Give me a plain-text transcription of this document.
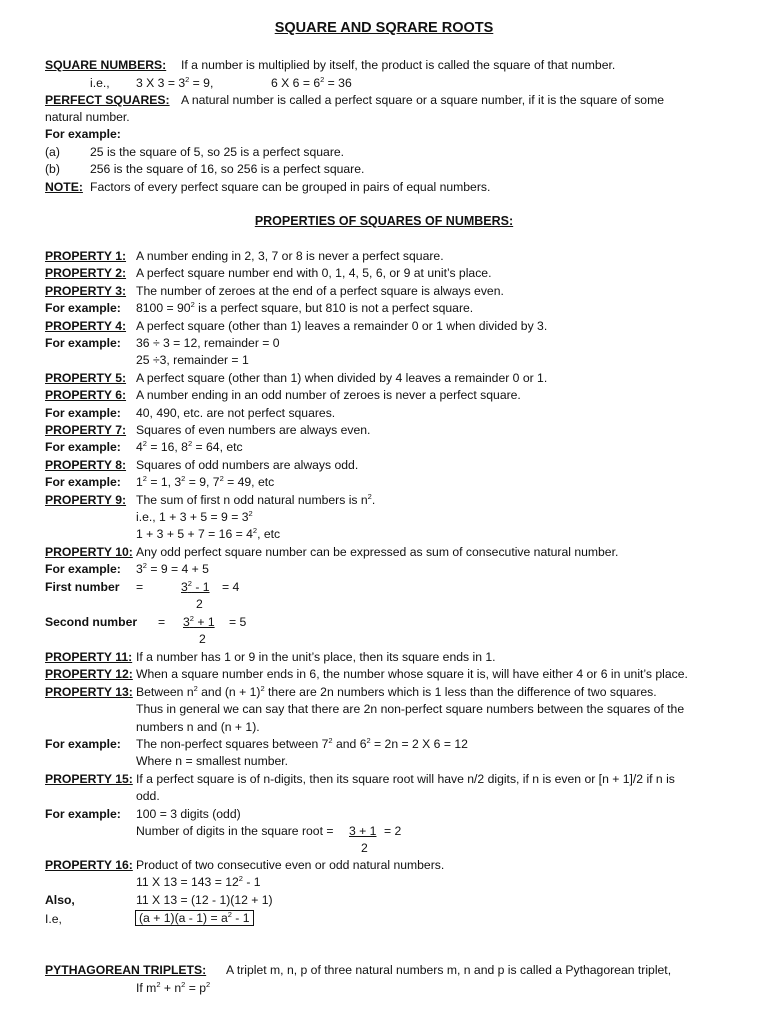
SQUARE AND SQRARE ROOTS
SQUARE NUMBERS: If a number is multiplied by itself, the product is called the square of that number.
i.e., 3 X $3 = 3^2 = 9$,	6 X $6 = 6^2 = 36$
PERFECT SQUARES: A natural number is called a perfect square or a square number, if it is the square of some
natural number.
For example:
(a) 25 is the square of 5, so 25 is a perfect square.
(b) 256 is the square of 16, so 256 is a perfect square.
NOTE: Factors of every perfect square can be grouped in pairs of equal numbers.
PROPERTIES OF SQUARES OF NUMBERS:
PROPERTY 1: A number ending in 2, 3, 7 or 8 is never a perfect square.
PROPERTY 2: A perfect square number end with 0, 1, 4, 5, 6, or 9 at unit’s place.
PROPERTY 3: The number of zeroes at the end of a perfect square is always even.
For example: $8100 = 90^2$ is a perfect square, but 810 is not a perfect square.
PROPERTY 4: A perfect square (other than 1) leaves a remainder 0 or 1 when divided by 3.
For example: 36 ÷ 3 = 12, remainder = 0
25 ÷3, remainder = 1
PROPERTY 5: A perfect square (other than 1) when divided by 4 leaves a remainder 0 or 1.
PROPERTY 6: A number ending in an odd number of zeroes is never a perfect square.
For example: 40, 490, etc. are not perfect squares.
PROPERTY 7: Squares of even numbers are always even.
For example: $4^2 = 16$, $8^2 = 64$, etc
PROPERTY 8: Squares of odd numbers are always odd.
For example: $1^2 = 1$, $3^2 = 9$, $7^2 = 49$, etc
PROPERTY 9: The sum of first n odd natural numbers is $n^2$.
i.e., $1 + 3 + 5 = 9 = 3^2$
$1 + 3 + 5 + 7 = 16 = 4^2$, etc
PROPERTY 10: Any odd perfect square number can be expressed as sum of consecutive natural number.
For example: $3^2 = 9 = 4 + 5$
First number =	$3^2 - 1 = 4$
2
Second number = $3^2 + 1 = 5$
2
PROPERTY 11: If a number has 1 or 9 in the unit’s place, then its square ends in 1.
PROPERTY 12: When a square number ends in 6, the number whose square it is, will have either 4 or 6 in unit’s place.
PROPERTY 13: Between $n^2$ and $(n + 1)^2$ there are 2n numbers which is 1 less than the difference of two squares.
Thus in general we can say that there are 2n non-perfect square numbers between the squares of the
numbers n and (n + 1).
For example: The non-perfect squares between $7^2$ and $6^2 = 2n = 2$ X 6 = 12
Where n = smallest number.
PROPERTY 15: If a perfect square is of n-digits, then its square root will have n/2 digits, if n is even or [n + 1]/2 if n is
odd.
For example: 100 = 3 digits (odd)
Number of digits in the square root = 3 + 1 = 2
2
PROPERTY 16: Product of two consecutive even or odd natural numbers.
11 X $13 = 143 = 12^2 - 1$
Also,	11 X 13 = (12 - 1)(12 + 1)
I.e,	$(a + 1)(a - 1) = a^2 - 1$
PYTHAGOREAN TRIPLETS: A triplet m, n, p of three natural numbers m, n and p is called a Pythagorean triplet,
If $m^2 + n^2 = p^2$
